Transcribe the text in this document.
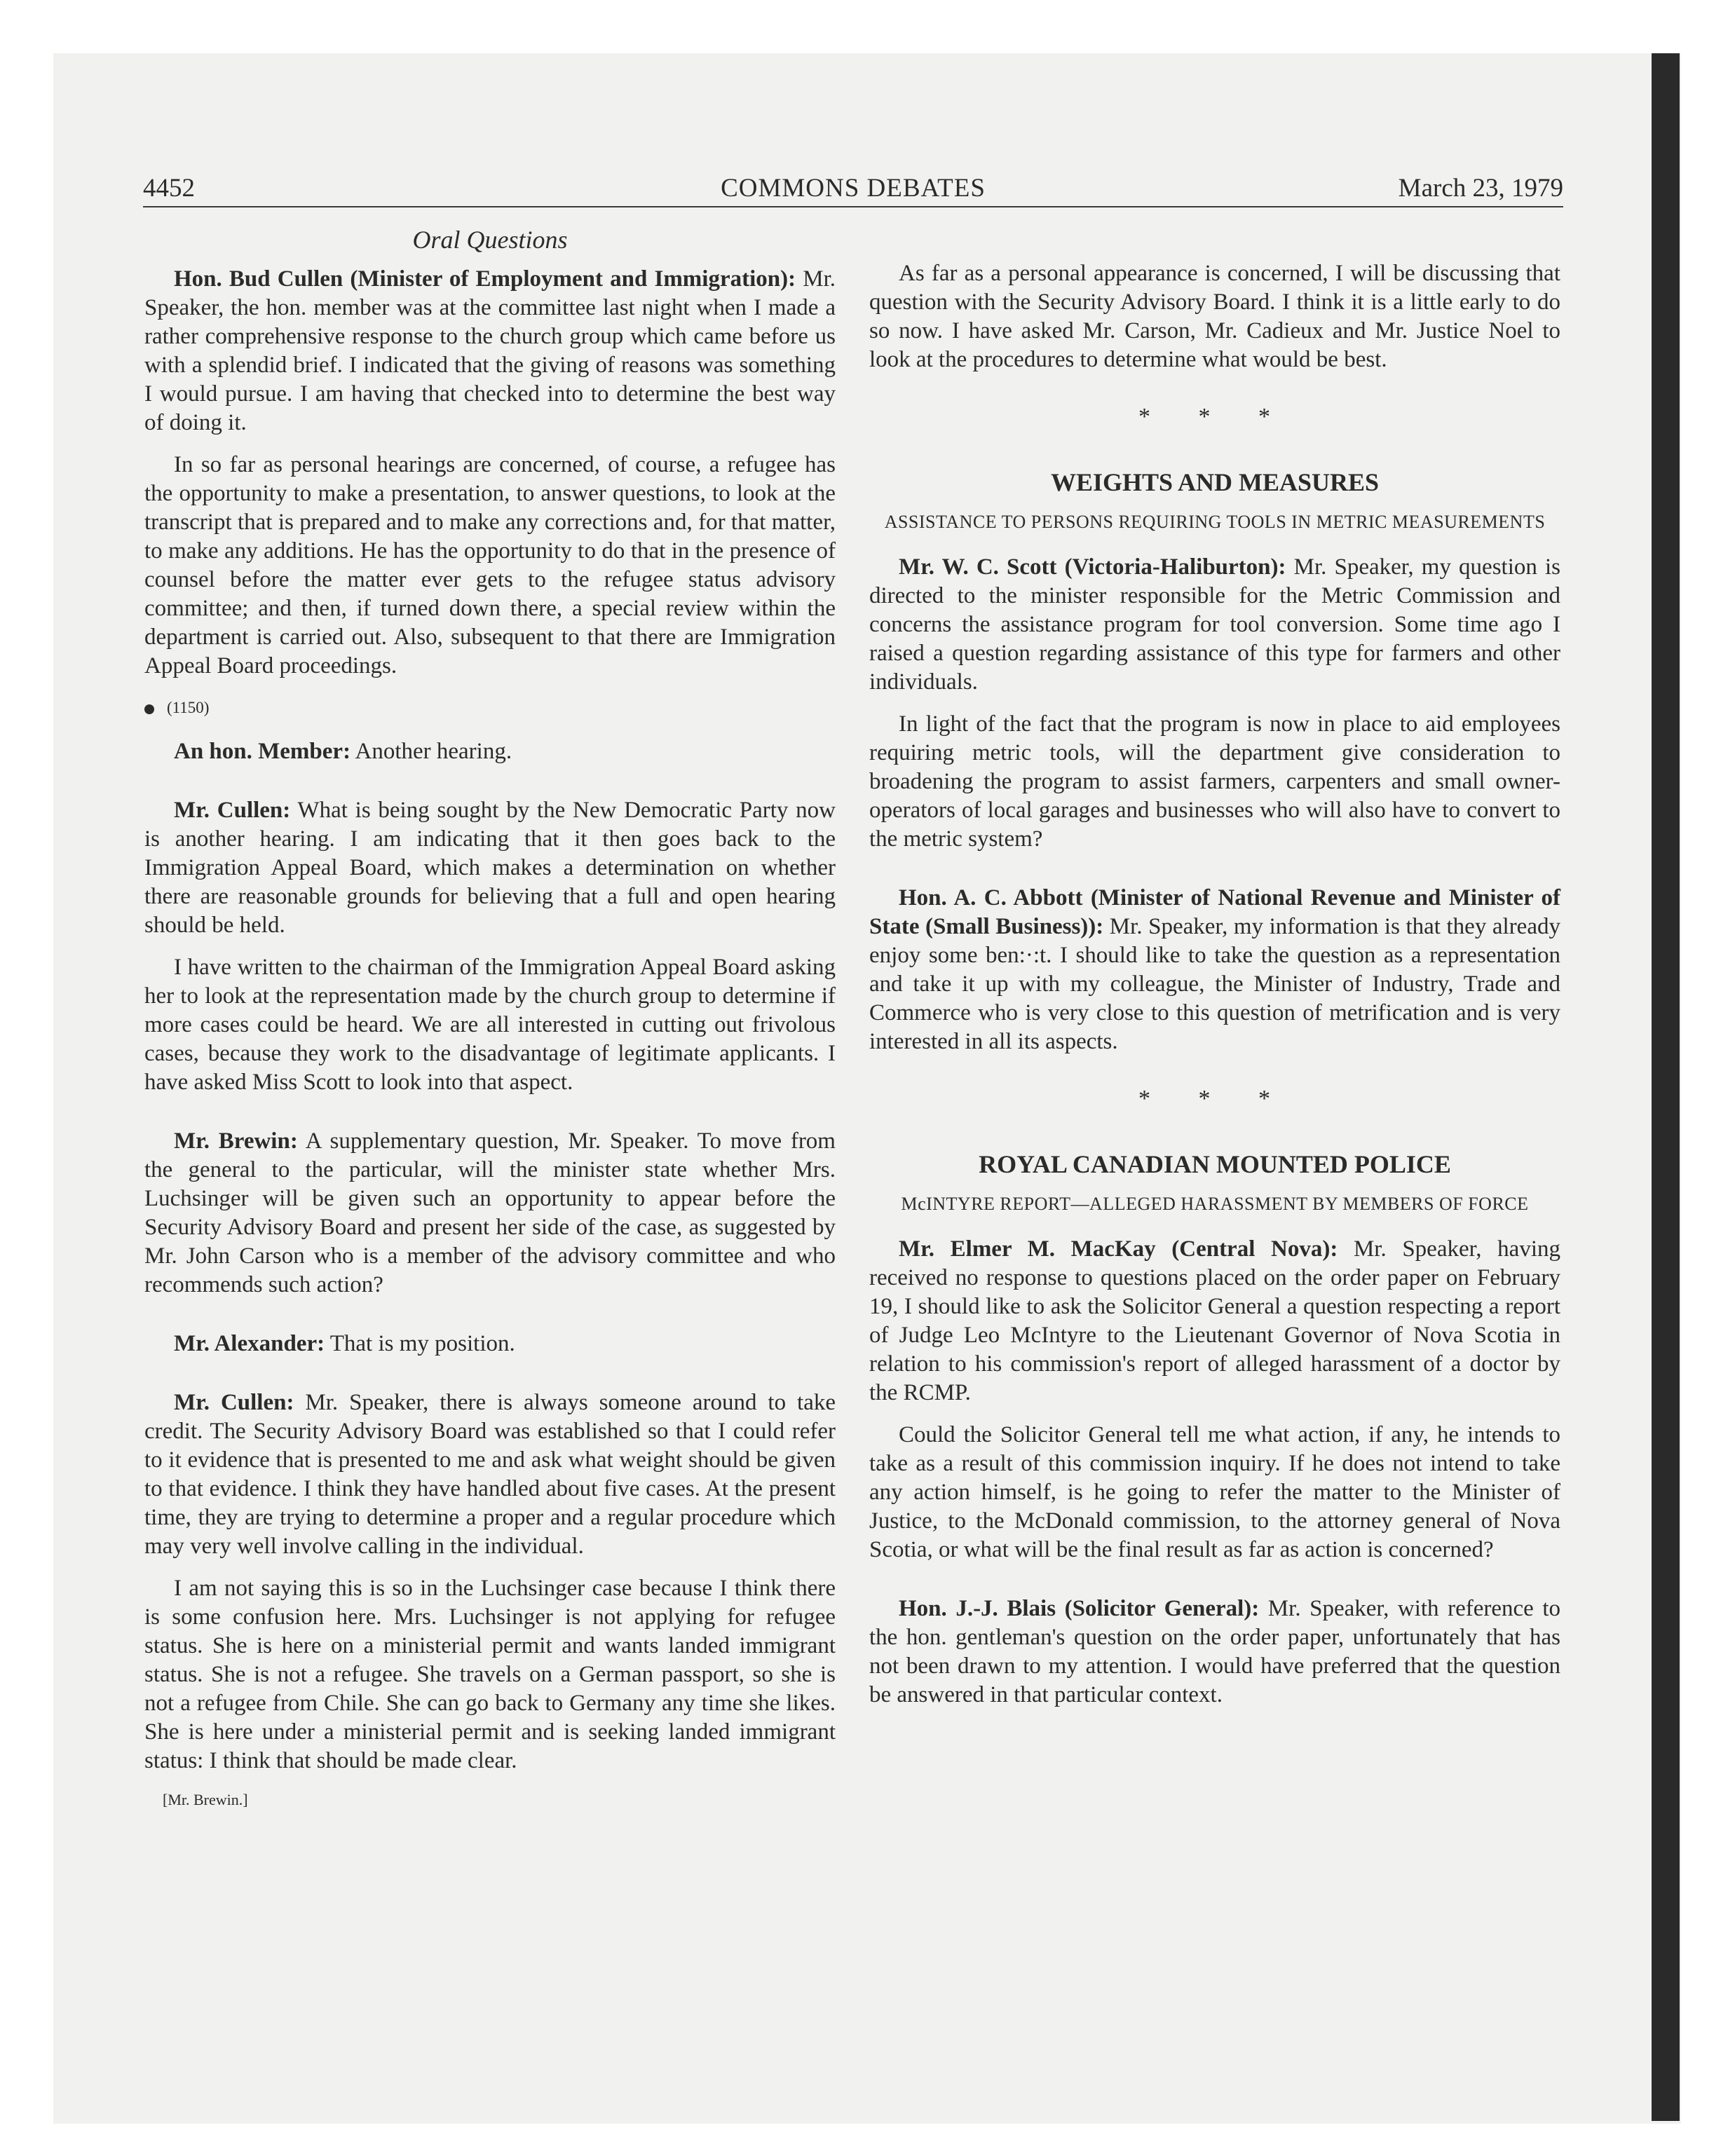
4452	COMMONS DEBATES	March 23, 1979
Oral Questions

Hon. Bud Cullen (Minister of Employment and Immigration): Mr. Speaker, the hon. member was at the committee last night when I made a rather comprehensive response to the church group which came before us with a splendid brief. I indicated that the giving of reasons was something I would pursue. I am having that checked into to determine the best way of doing it.

In so far as personal hearings are concerned, of course, a refugee has the opportunity to make a presentation, to answer questions, to look at the transcript that is prepared and to make any corrections and, for that matter, to make any additions. He has the opportunity to do that in the presence of counsel before the matter ever gets to the refugee status advisory committee; and then, if turned down there, a special review within the department is carried out. Also, subsequent to that there are Immigration Appeal Board proceedings.

(1150)

An hon. Member: Another hearing.

Mr. Cullen: What is being sought by the New Democratic Party now is another hearing. I am indicating that it then goes back to the Immigration Appeal Board, which makes a determination on whether there are reasonable grounds for believing that a full and open hearing should be held.

I have written to the chairman of the Immigration Appeal Board asking her to look at the representation made by the church group to determine if more cases could be heard. We are all interested in cutting out frivolous cases, because they work to the disadvantage of legitimate applicants. I have asked Miss Scott to look into that aspect.

Mr. Brewin: A supplementary question, Mr. Speaker. To move from the general to the particular, will the minister state whether Mrs. Luchsinger will be given such an opportunity to appear before the Security Advisory Board and present her side of the case, as suggested by Mr. John Carson who is a member of the advisory committee and who recommends such action?

Mr. Alexander: That is my position.

Mr. Cullen: Mr. Speaker, there is always someone around to take credit. The Security Advisory Board was established so that I could refer to it evidence that is presented to me and ask what weight should be given to that evidence. I think they have handled about five cases. At the present time, they are trying to determine a proper and a regular procedure which may very well involve calling in the individual.

I am not saying this is so in the Luchsinger case because I think there is some confusion here. Mrs. Luchsinger is not applying for refugee status. She is here on a ministerial permit and wants landed immigrant status. She is not a refugee. She travels on a German passport, so she is not a refugee from Chile. She can go back to Germany any time she likes. She is here under a ministerial permit and is seeking landed immigrant status: I think that should be made clear.

[Mr. Brewin.]

As far as a personal appearance is concerned, I will be discussing that question with the Security Advisory Board. I think it is a little early to do so now. I have asked Mr. Carson, Mr. Cadieux and Mr. Justice Noel to look at the procedures to determine what would be best.

* * *
WEIGHTS AND MEASURES
ASSISTANCE TO PERSONS REQUIRING TOOLS IN METRIC MEASUREMENTS

Mr. W. C. Scott (Victoria-Haliburton): Mr. Speaker, my question is directed to the minister responsible for the Metric Commission and concerns the assistance program for tool conversion. Some time ago I raised a question regarding assistance of this type for farmers and other individuals.

In light of the fact that the program is now in place to aid employees requiring metric tools, will the department give consideration to broadening the program to assist farmers, carpenters and small owner-operators of local garages and businesses who will also have to convert to the metric system?

Hon. A. C. Abbott (Minister of National Revenue and Minister of State (Small Business)): Mr. Speaker, my information is that they already enjoy some ben:·:t. I should like to take the question as a representation and take it up with my colleague, the Minister of Industry, Trade and Commerce who is very close to this question of metrification and is very interested in all its aspects.

* * *
ROYAL CANADIAN MOUNTED POLICE
McINTYRE REPORT—ALLEGED HARASSMENT BY MEMBERS OF FORCE

Mr. Elmer M. MacKay (Central Nova): Mr. Speaker, having received no response to questions placed on the order paper on February 19, I should like to ask the Solicitor General a question respecting a report of Judge Leo McIntyre to the Lieutenant Governor of Nova Scotia in relation to his commission's report of alleged harassment of a doctor by the RCMP.

Could the Solicitor General tell me what action, if any, he intends to take as a result of this commission inquiry. If he does not intend to take any action himself, is he going to refer the matter to the Minister of Justice, to the McDonald commission, to the attorney general of Nova Scotia, or what will be the final result as far as action is concerned?

Hon. J.-J. Blais (Solicitor General): Mr. Speaker, with reference to the hon. gentleman's question on the order paper, unfortunately that has not been drawn to my attention. I would have preferred that the question be answered in that particular context.
